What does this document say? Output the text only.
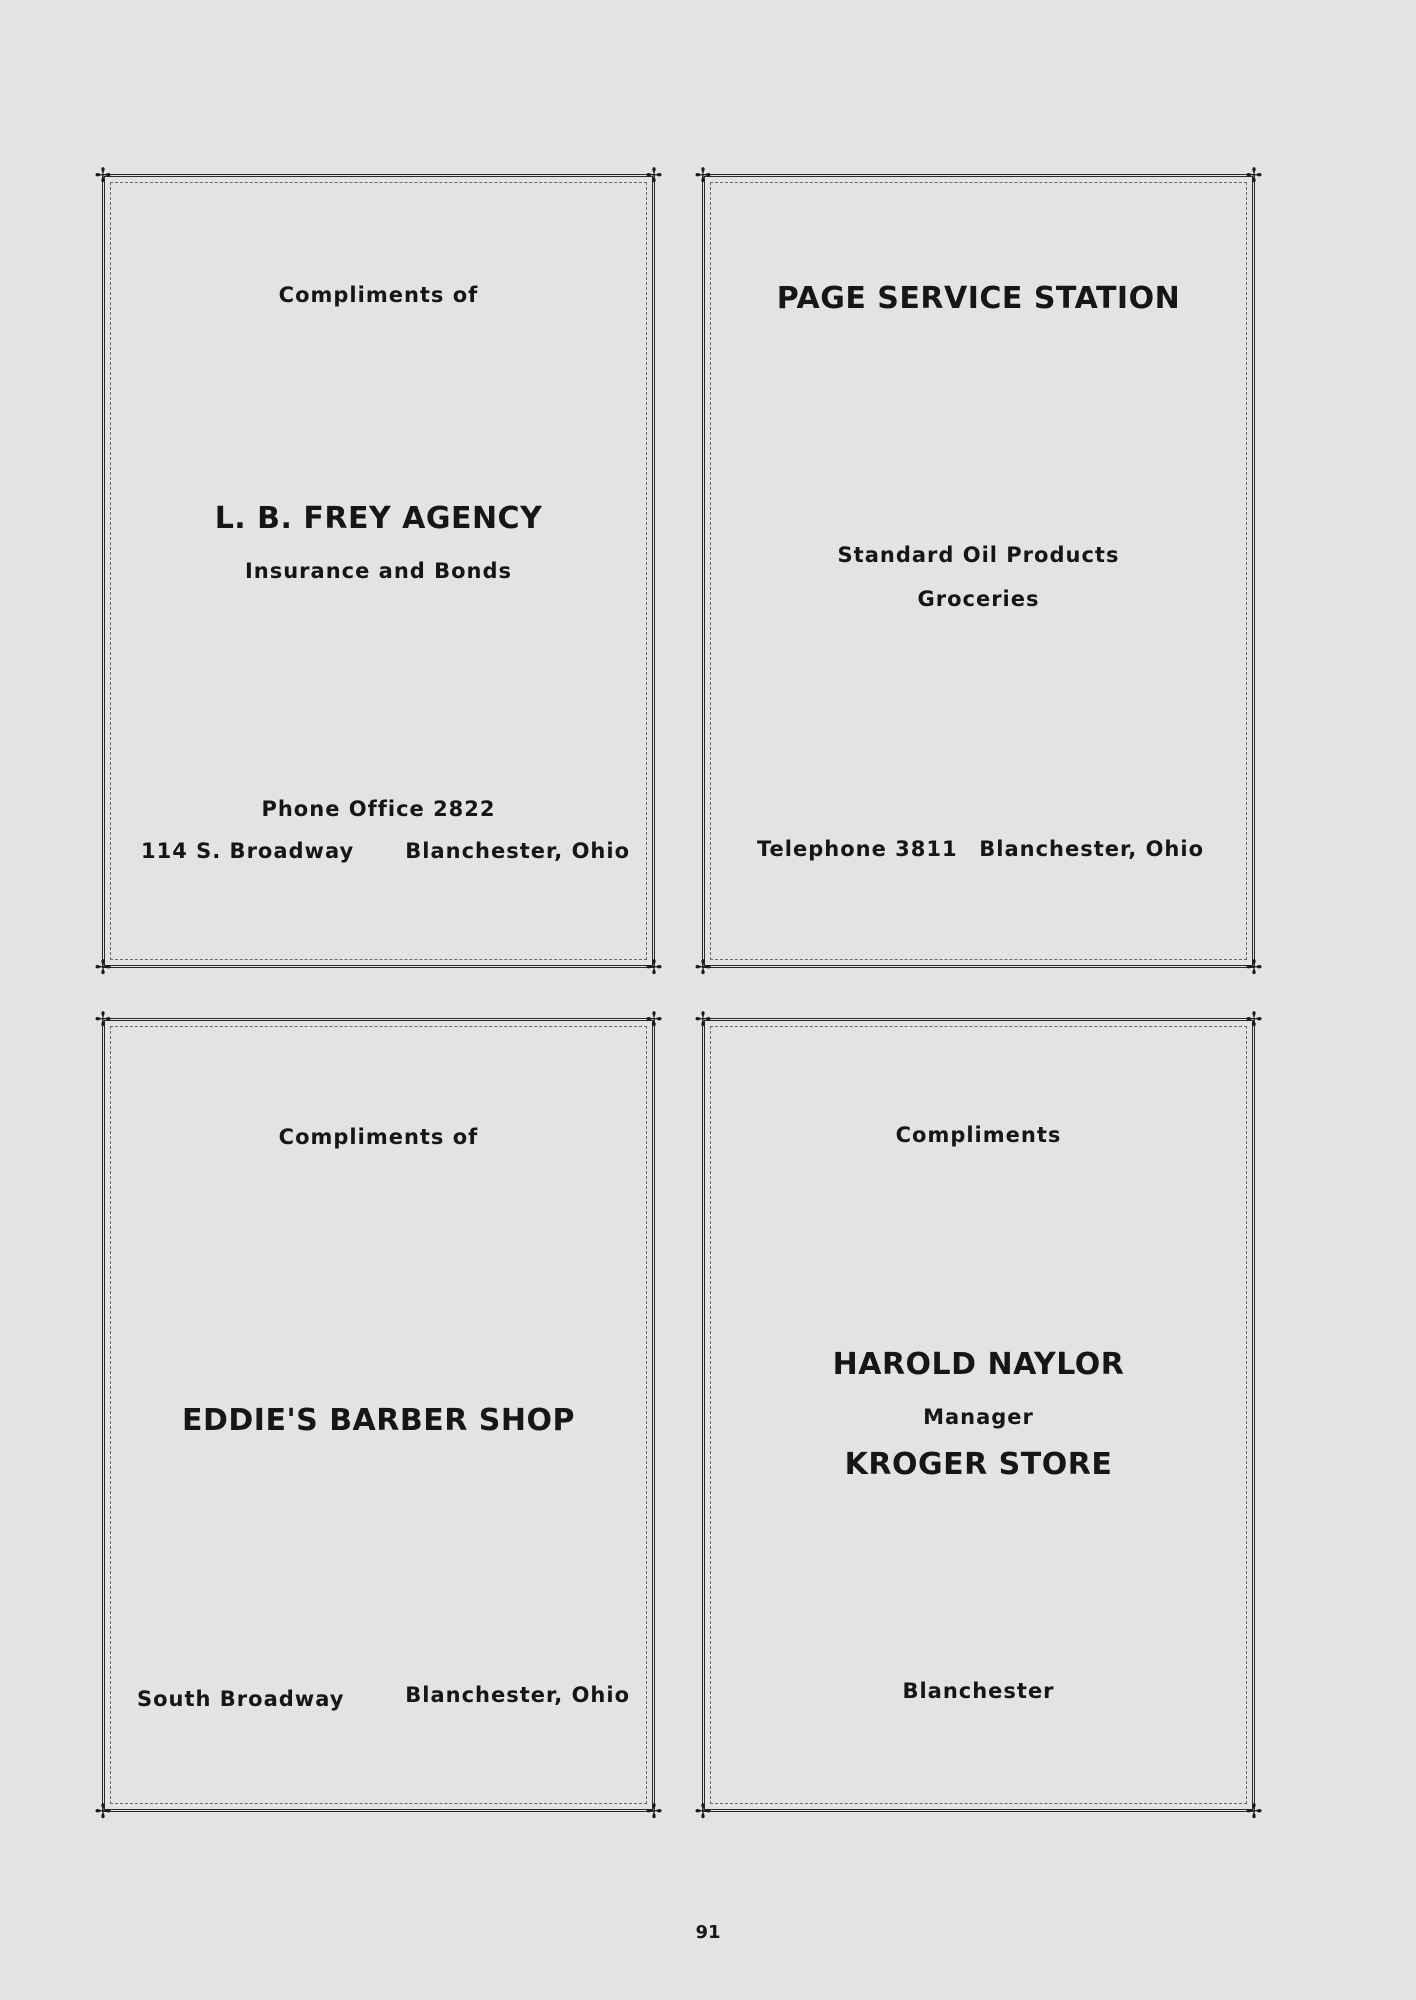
✢	✢
✢	✢

Compliments of

L. B. FREY AGENCY

Insurance and Bonds

Phone Office 2822

114 S. Broadway Blanchester, Ohio

✢	✢
✢	✢

PAGE SERVICE STATION

Standard Oil Products

Groceries

Telephone 3811 Blanchester, Ohio

✢	✢
✢	✢

Compliments of

EDDIE'S BARBER SHOP

South Broadway	Blanchester, Ohio

✢	✢
✢	✢

Compliments

HAROLD NAYLOR

Manager

KROGER STORE

Blanchester

91
